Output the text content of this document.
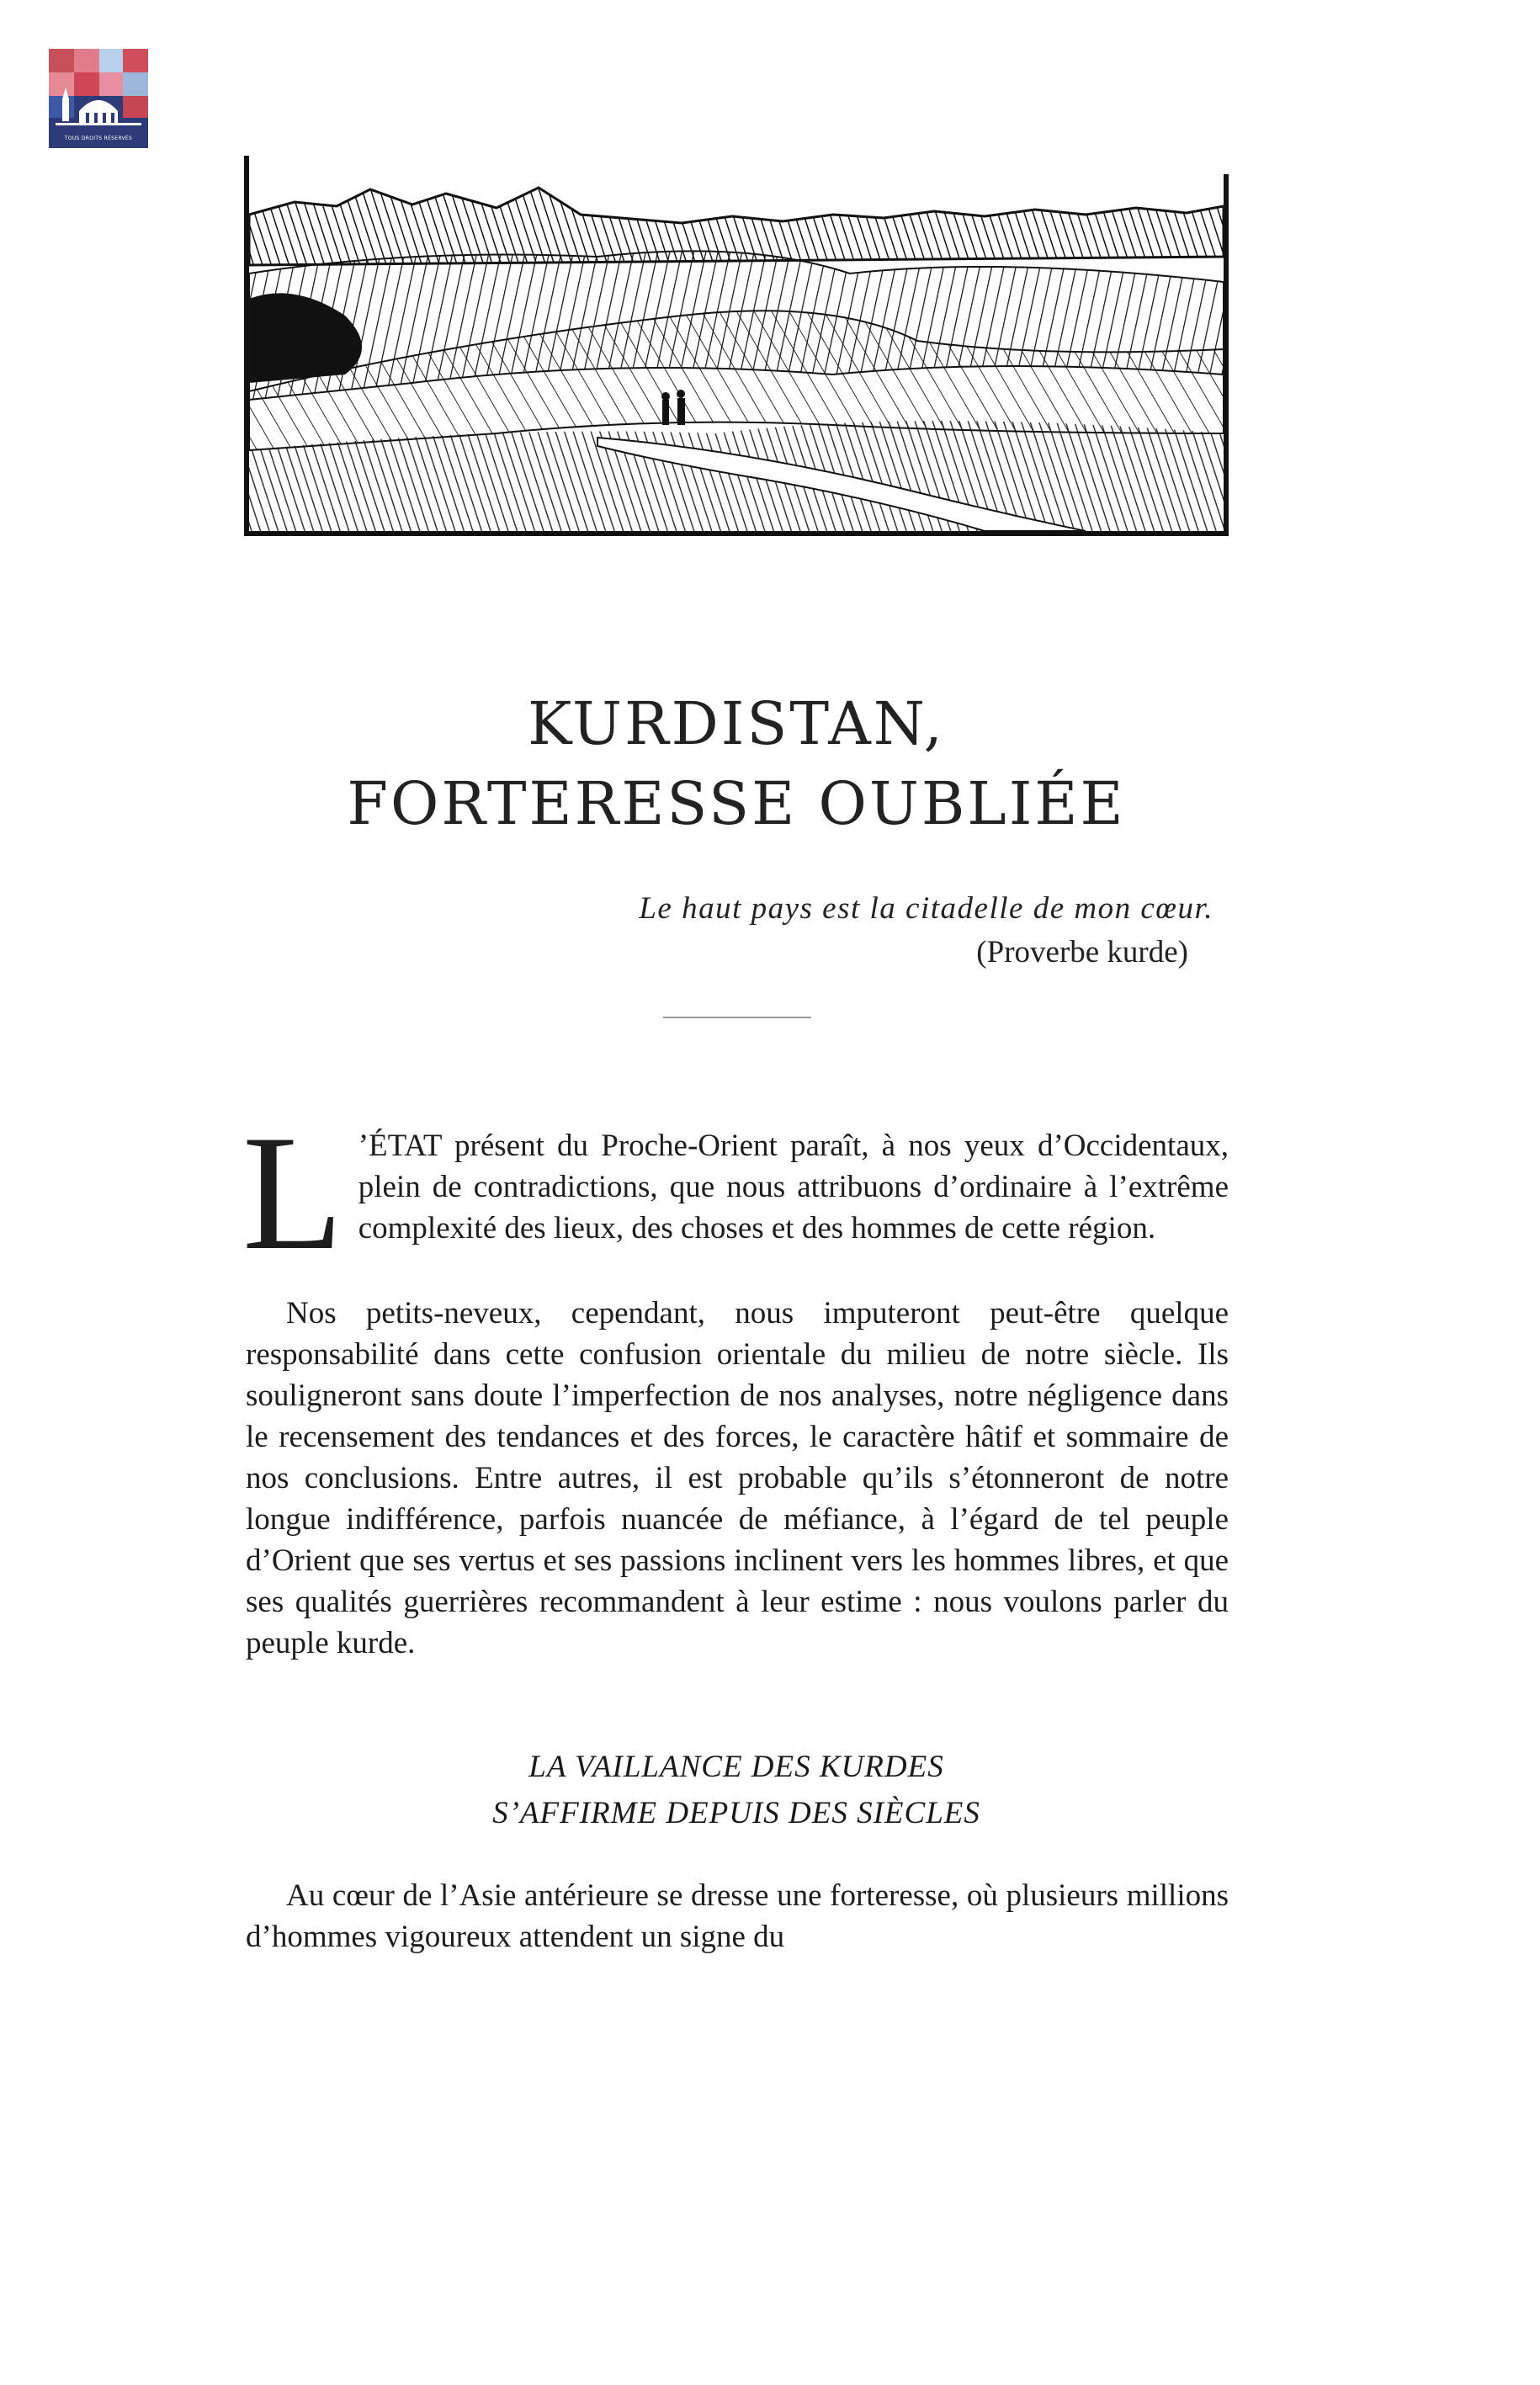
TOUS DROITS RÉSERVÉS
KURDISTAN,
FORTERESSE OUBLIÉE
Le haut pays est la citadelle de mon cœur.
(Proverbe kurde)
L ’ÉTAT présent du Proche-Orient paraît, à nos yeux d’Occidentaux, plein de contradictions, que nous attribuons d’ordinaire à l’extrême complexité des lieux, des choses et des hommes de cette région.
Nos petits-neveux, cependant, nous imputeront peut-être quelque responsabilité dans cette confusion orientale du milieu de notre siècle. Ils souligneront sans doute l’imperfection de nos analyses, notre négligence dans le recensement des tendances et des forces, le caractère hâtif et sommaire de nos conclusions. Entre autres, il est probable qu’ils s’étonneront de notre longue indifférence, parfois nuancée de méfiance, à l’égard de tel peuple d’Orient que ses vertus et ses passions inclinent vers les hommes libres, et que ses qualités guerrières recommandent à leur estime : nous voulons parler du peuple kurde.
LA VAILLANCE DES KURDES
S’AFFIRME DEPUIS DES SIÈCLES
Au cœur de l’Asie antérieure se dresse une forteresse, où plusieurs millions d’hommes vigoureux attendent un signe du
